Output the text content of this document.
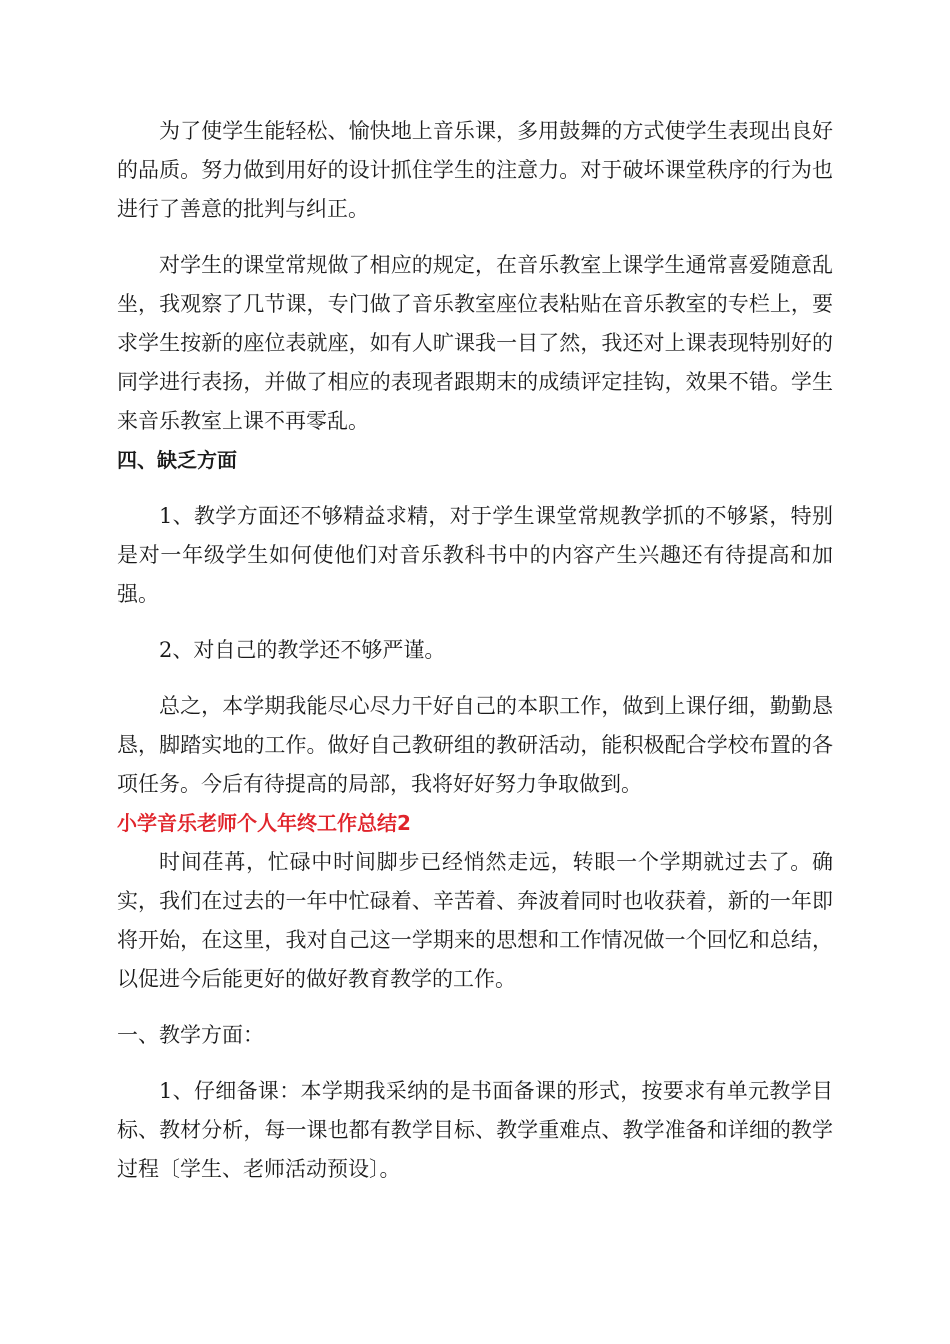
为了使学生能轻松、愉快地上音乐课，多用鼓舞的方式使学生表现出良好的品质。努力做到用好的设计抓住学生的注意力。对于破坏课堂秩序的行为也进行了善意的批判与纠正。

对学生的课堂常规做了相应的规定，在音乐教室上课学生通常喜爱随意乱坐，我观察了几节课，专门做了音乐教室座位表粘贴在音乐教室的专栏上，要求学生按新的座位表就座，如有人旷课我一目了然，我还对上课表现特别好的同学进行表扬，并做了相应的表现者跟期末的成绩评定挂钩，效果不错。学生来音乐教室上课不再零乱。

四、缺乏方面

1、教学方面还不够精益求精，对于学生课堂常规教学抓的不够紧，特别是对一年级学生如何使他们对音乐教科书中的内容产生兴趣还有待提高和加强。

2、对自己的教学还不够严谨。

总之，本学期我能尽心尽力干好自己的本职工作，做到上课仔细，勤勤恳恳，脚踏实地的工作。做好自己教研组的教研活动，能积极配合学校布置的各项任务。今后有待提高的局部，我将好好努力争取做到。

小学音乐老师个人年终工作总结2

时间荏苒，忙碌中时间脚步已经悄然走远，转眼一个学期就过去了。确实，我们在过去的一年中忙碌着、辛苦着、奔波着同时也收获着，新的一年即将开始，在这里，我对自己这一学期来的思想和工作情况做一个回忆和总结，以促进今后能更好的做好教育教学的工作。

一、教学方面：

1、仔细备课：本学期我采纳的是书面备课的形式，按要求有单元教学目标、教材分析，每一课也都有教学目标、教学重难点、教学准备和详细的教学过程〔学生、老师活动预设〕。
